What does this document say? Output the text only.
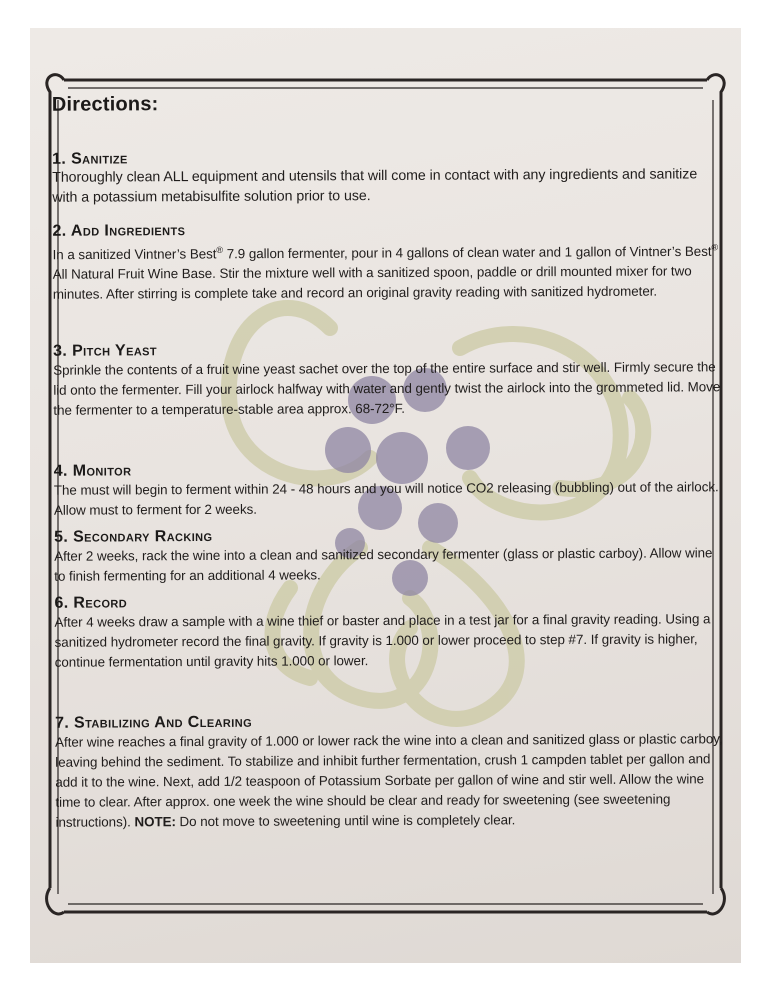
Directions:

1. Sanitize

Thoroughly clean ALL equipment and utensils that will come in contact with any ingredients and sanitize with a potassium metabisulfite solution prior to use.

2. Add Ingredients

In a sanitized Vintner’s Best® 7.9 gallon fermenter, pour in 4 gallons of clean water and 1 gallon of Vintner’s Best® All Natural Fruit Wine Base. Stir the mixture well with a sanitized spoon, paddle or drill mounted mixer for two minutes. After stirring is complete take and record an original gravity reading with sanitized hydrometer.

3. Pitch Yeast

Sprinkle the contents of a fruit wine yeast sachet over the top of the entire surface and stir well. Firmly secure the lid onto the fermenter. Fill your airlock halfway with water and gently twist the airlock into the grommeted lid. Move the fermenter to a temperature-stable area approx. 68-72°F.

4. Monitor

The must will begin to ferment within 24 - 48 hours and you will notice CO2 releasing (bubbling) out of the airlock. Allow must to ferment for 2 weeks.

5. Secondary Racking

After 2 weeks, rack the wine into a clean and sanitized secondary fermenter (glass or plastic carboy). Allow wine to finish fermenting for an additional 4 weeks.

6. Record

After 4 weeks draw a sample with a wine thief or baster and place in a test jar for a final gravity reading. Using a sanitized hydrometer record the final gravity. If gravity is 1.000 or lower proceed to step #7. If gravity is higher, continue fermentation until gravity hits 1.000 or lower.

7. Stabilizing And Clearing

After wine reaches a final gravity of 1.000 or lower rack the wine into a clean and sanitized glass or plastic carboy, leaving behind the sediment. To stabilize and inhibit further fermentation, crush 1 campden tablet per gallon and add it to the wine. Next, add 1/2 teaspoon of Potassium Sorbate per gallon of wine and stir well. Allow the wine time to clear. After approx. one week the wine should be clear and ready for sweetening (see sweetening instructions). NOTE: Do not move to sweetening until wine is completely clear.
